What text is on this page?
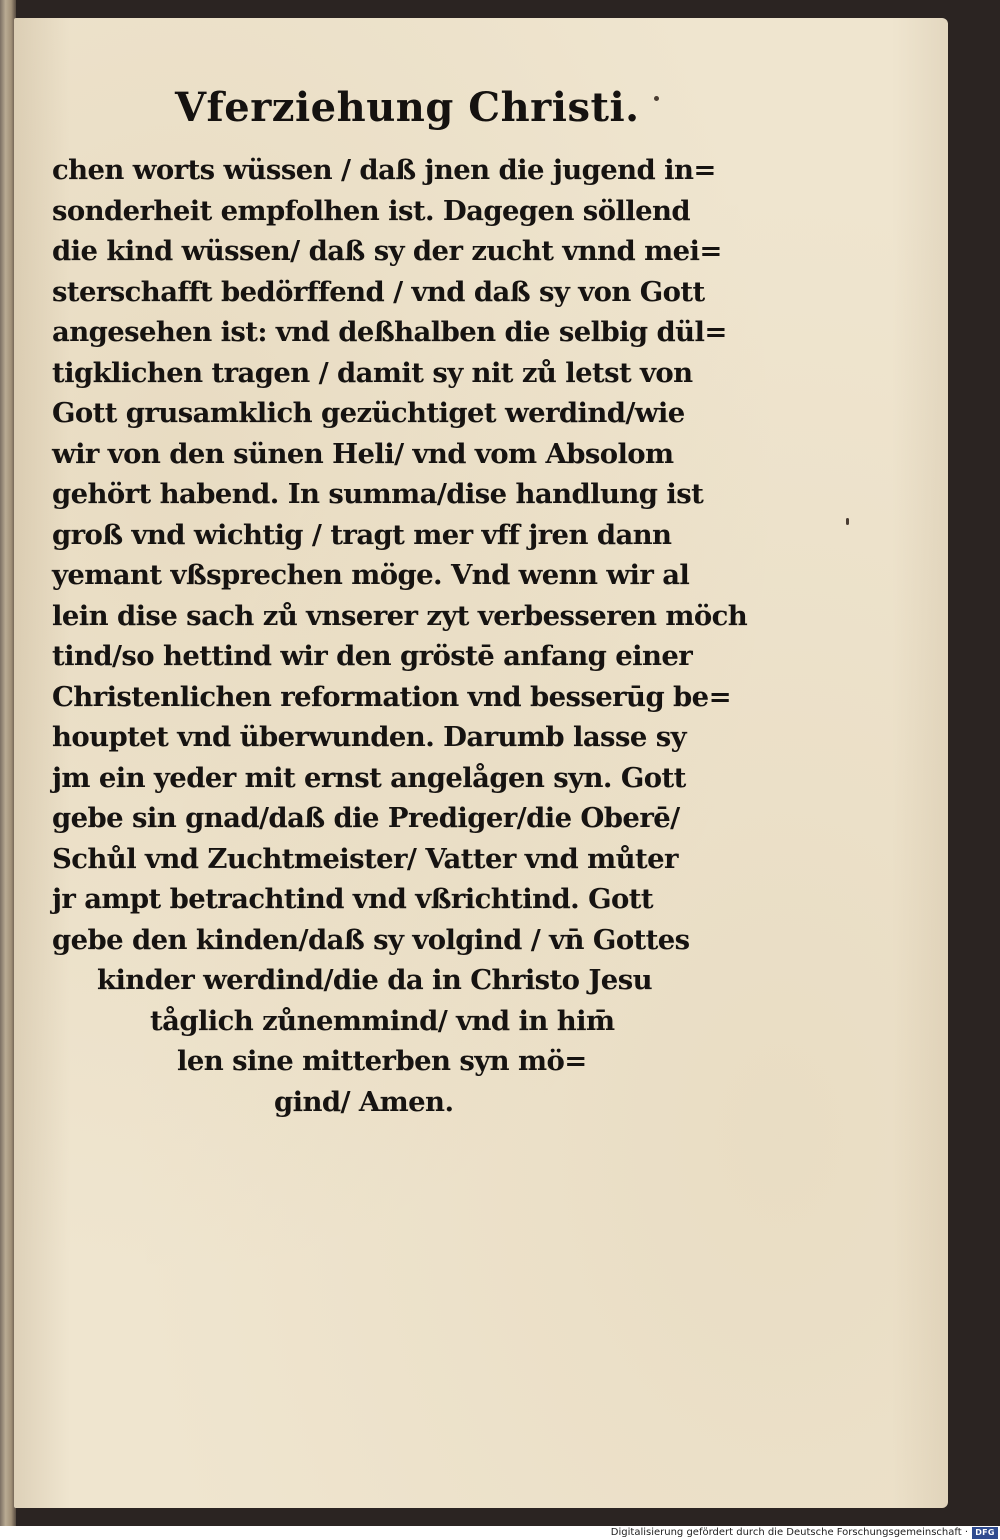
Vferziehung Christi.
chen worts wüssen / daß jnen die jugend in=
sonderheit empfolhen ist. Dagegen söllend
die kind wüssen/ daß sy der zucht vnnd mei=
sterschafft bedörffend / vnd daß sy von Gott
angesehen ist: vnd deßhalben die selbig dül=
tigklichen tragen / damit sy nit zů letst von
Gott grusamklich gezüchtiget werdind/wie
wir von den sünen Heli/ vnd vom Absolom
gehört habend. In summa/dise handlung ist
groß vnd wichtig / tragt mer vff jren dann
yemant vßsprechen möge. Vnd wenn wir al
lein dise sach zů vnserer zyt verbesseren möch
tind/so hettind wir den gröstē anfang einer
Christenlichen reformation vnd besserūg be=
houptet vnd überwunden. Darumb lasse sy
jm ein yeder mit ernst angelågen syn. Gott
gebe sin gnad/daß die Prediger/die Oberē/
Schůl vnd Zuchtmeister/ Vatter vnd můter
jr ampt betrachtind vnd vßrichtind. Gott
gebe den kinden/daß sy volgind / vn̄ Gottes
kinder werdind/die da in Christo Jesu
tåglich zůnemmind/ vnd in him̄
len sine mitterben syn mö=
gind/ Amen.
Digitalisierung gefördert durch die Deutsche Forschungsgemeinschaft · DFG
